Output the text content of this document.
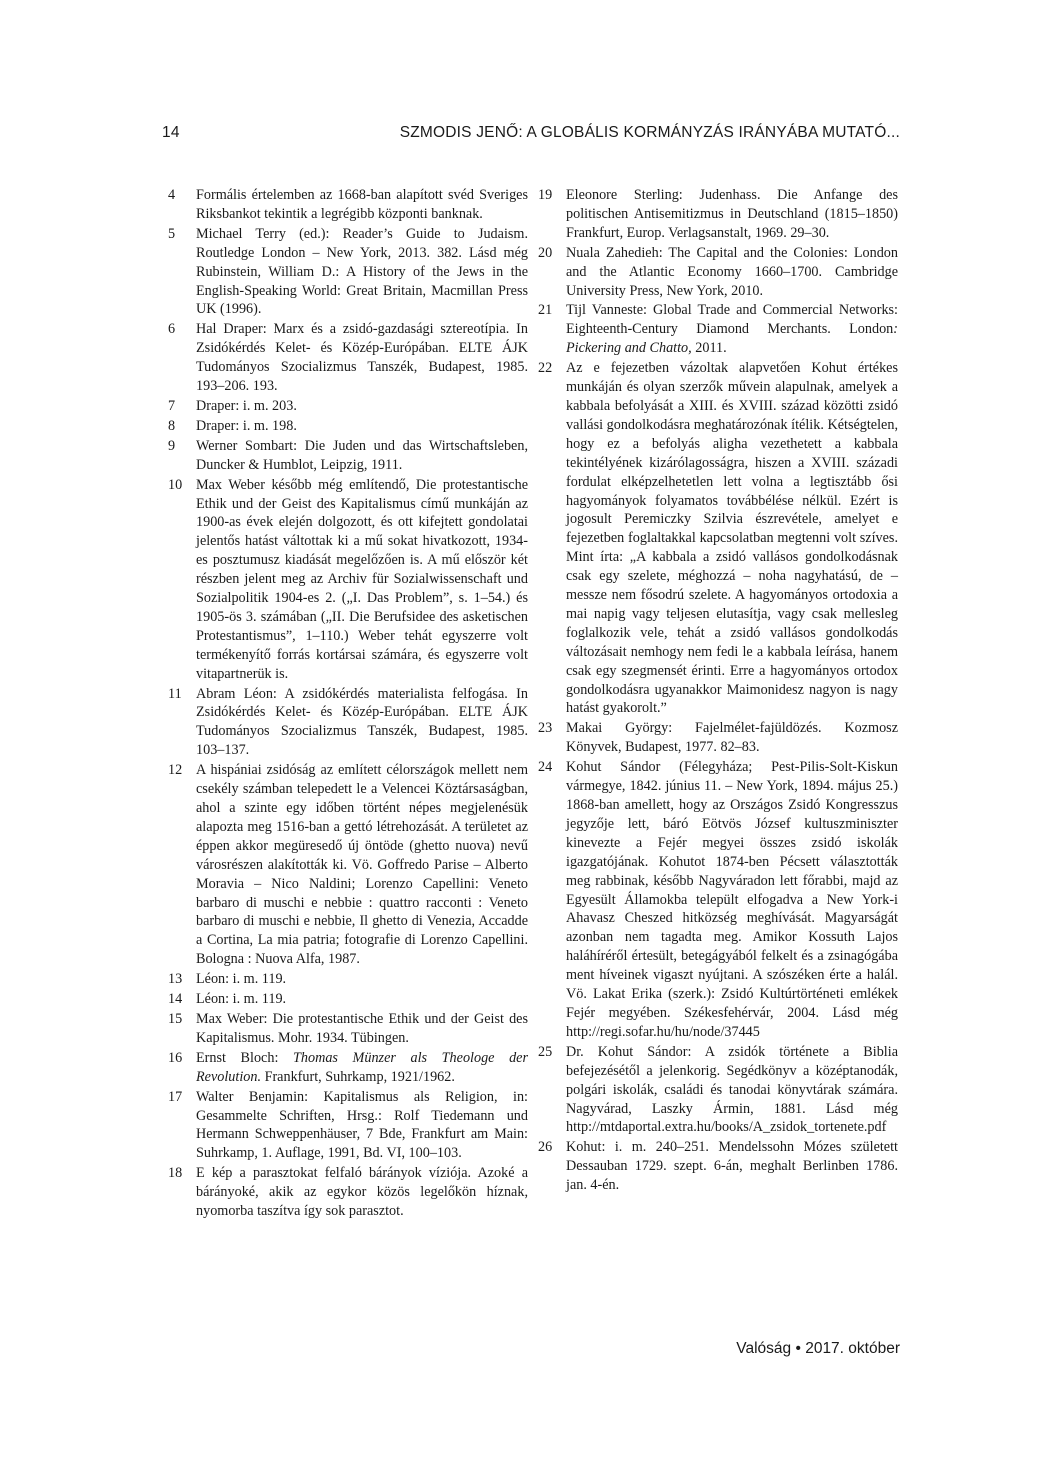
14	SZMODIS JENŐ: A GLOBÁLIS KORMÁNYZÁS IRÁNYÁBA MUTATÓ...
4	Formális értelemben az 1668-ban alapított svéd Sveriges Riksbankot tekintik a legrégibb központi banknak.
5	Michael Terry (ed.): Reader’s Guide to Judaism. Routledge London – New York, 2013. 382. Lásd még Rubinstein, William D.: A History of the Jews in the English-Speaking World: Great Britain, Macmillan Press UK (1996).
6	Hal Draper: Marx és a zsidó-gazdasági sztereotípia. In Zsidókérdés Kelet- és Közép-Európában. ELTE ÁJK Tudományos Szocializmus Tanszék, Budapest, 1985. 193–206. 193.
7	Draper: i. m. 203.
8	Draper: i. m. 198.
9	Werner Sombart: Die Juden und das Wirtschaftsleben, Duncker & Humblot, Leipzig, 1911.
10 Max Weber később még említendő, Die protestantische Ethik und der Geist des Kapitalismus című munkáján az 1900-as évek elején dolgozott, és ott kifejtett gondolatai jelentős hatást váltottak ki a mű sokat hivatkozott, 1934-es posztumusz kiadását megelőzően is. A mű először két részben jelent meg az Archiv für Sozialwissenschaft und Sozialpolitik 1904-es 2. („I. Das Problem”, s. 1–54.) és 1905-ös 3. számában („II. Die Berufsidee des asketischen Protestantismus”, 1–110.) Weber tehát egyszerre volt termékenyítő forrás kortársai számára, és egyszerre volt vitapartnerük is.
11	Abram Léon: A zsidókérdés materialista felfogása. In Zsidókérdés Kelet- és Közép-Európában. ELTE ÁJK Tudományos Szocializmus Tanszék, Budapest, 1985. 103–137.
12 A hispániai zsidóság az említett célországok mellett nem csekély számban telepedett le a Velencei Köztársaságban, ahol a szinte egy időben történt népes megjelenésük alapozta meg 1516-ban a gettó létrehozását. A területet az éppen akkor megüresedő új öntöde (ghetto nuova) nevű városrészen alakították ki. Vö. Goffredo Parise – Alberto Moravia – Nico Naldini; Lorenzo Capellini: Veneto barbaro di muschi e nebbie : quattro racconti : Veneto barbaro di muschi e nebbie, Il ghetto di Venezia, Accadde a Cortina, La mia patria; fotografie di Lorenzo Capellini. Bologna : Nuova Alfa, 1987.
13 Léon: i. m. 119.
14 Léon: i. m. 119.
15 Max Weber: Die protestantische Ethik und der Geist des Kapitalismus. Mohr. 1934. Tübingen.
16 Ernst Bloch: Thomas Münzer als Theologe der Revolution. Frankfurt, Suhrkamp, 1921/1962.
17 Walter Benjamin: Kapitalismus als Religion, in: Gesammelte Schriften, Hrsg.: Rolf Tiedemann und Hermann Schweppenhäuser, 7 Bde, Frankfurt am Main: Suhrkamp, 1. Auflage, 1991, Bd. VI, 100–103.
18 E kép a parasztokat felfaló bárányok víziója. Azoké a bárányoké, akik az egykor közös legelőkön híznak, nyomorba taszítva így sok parasztot.
19 Eleonore Sterling: Judenhass. Die Anfange des politischen Antisemitizmus in Deutschland (1815–1850) Frankfurt, Europ. Verlagsanstalt, 1969. 29–30.
20 Nuala Zahedieh: The Capital and the Colonies: London and the Atlantic Economy 1660–1700. Cambridge University Press, New York, 2010.
21 Tijl Vanneste: Global Trade and Commercial Networks: Eighteenth-Century Diamond Merchants. London: Pickering and Chatto, 2011.
22 Az e fejezetben vázoltak alapvetően Kohut értékes munkáján és olyan szerzők művein alapulnak, amelyek a kabbala befolyását a XIII. és XVIII. század közötti zsidó vallási gondolkodásra meghatározónak ítélik. Kétségtelen, hogy ez a befolyás aligha vezethetett a kabbala tekintélyének kizárólagosságra, hiszen a XVIII. századi fordulat elképzelhetetlen lett volna a legtisztább ősi hagyományok folyamatos továbbélése nélkül. Ezért is jogosult Peremiczky Szilvia észrevétele, amelyet e fejezetben foglaltakkal kapcsolatban megtenni volt szíves. Mint írta: „A kabbala a zsidó vallásos gondolkodásnak csak egy szelete, méghozzá – noha nagyhatású, de – messze nem fősodrú szelete. A hagyományos ortodoxia a mai napig vagy teljesen elutasítja, vagy csak mellesleg foglalkozik vele, tehát a zsidó vallásos gondolkodás változásait nemhogy nem fedi le a kabbala leírása, hanem csak egy szegmensét érinti. Erre a hagyományos ortodox gondolkodásra ugyanakkor Maimonidesz nagyon is nagy hatást gyakorolt.”
23 Makai György: Fajelmélet-fajüldözés. Kozmosz Könyvek, Budapest, 1977. 82–83.
24 Kohut Sándor (Félegyháza; Pest-Pilis-Solt-Kiskun vármegye, 1842. június 11. – New York, 1894. május 25.) 1868-ban amellett, hogy az Országos Zsidó Kongresszus jegyzője lett, báró Eötvös József kultuszminiszter kinevezte a Fejér megyei összes zsidó iskolák igazgatójának. Kohutot 1874-ben Pécsett választották meg rabbinak, később Nagyváradon lett főrabbi, majd az Egyesült Államokba települt elfogadva a New York-i Ahavasz Cheszed hitközség meghívását. Magyarságát azonban nem tagadta meg. Amikor Kossuth Lajos haláhíréről értesült, betegágyából felkelt és a zsinagógába ment híveinek vigaszt nyújtani. A szószéken érte a halál. Vö. Lakat Erika (szerk.): Zsidó Kultúrtörténeti emlékek Fejér megyében. Székesfehérvár, 2004. Lásd még http://regi.sofar.hu/hu/node/37445
25 Dr. Kohut Sándor: A zsidók története a Biblia befejezésétől a jelenkorig. Segédkönyv a középtanodák, polgári iskolák, családi és tanodai könyvtárak számára. Nagyvárad, Laszky Ármin, 1881. Lásd még http://mtdaportal.extra.hu/books/A_zsidok_tortenete.pdf
26 Kohut: i. m. 240–251. Mendelssohn Mózes született Dessauban 1729. szept. 6-án, meghalt Berlinben 1786. jan. 4-én.
Valóság • 2017. október
